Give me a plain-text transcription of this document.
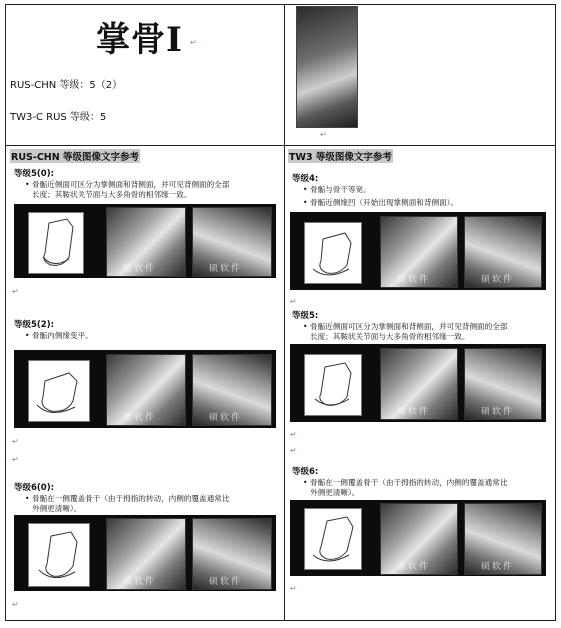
掌骨Ⅰ ↵
RUS-CHN 等级：5（2）
TW3-C RUS 等级：5
↵
RUS-CHN 等级图像文字参考
等级5(0):
• 骨骺近侧面可区分为掌侧面和背侧面，并可见背侧面的全部
长度；其鞍状关节面与大多角骨的相邻缘一致。
硕软件	硕软件
↵
等级5(2):
• 骨骺内侧缘变平。
硕软件	硕软件
↵
↵
等级6(0):
• 骨骺在一侧覆盖骨干（由于拇指的转动，内侧的覆盖通常比
外侧更清晰）。
硕软件	硕软件
↵
TW3 等级图像文字参考
等级4:
• 骨骺与骨干等宽。
• 骨骺近侧缘凹（开始出现掌侧面和背侧面）。
硕软件	硕软件
↵
等级5:
• 骨骺近侧面可区分为掌侧面和背侧面，并可见背侧面的全部
长度；其鞍状关节面与大多角骨的相邻缘一致。
硕软件	硕软件
↵
↵
等级6:
• 骨骺在一侧覆盖骨干（由于拇指的转动，内侧的覆盖通常比
外侧更清晰）。
硕软件	硕软件
↵
